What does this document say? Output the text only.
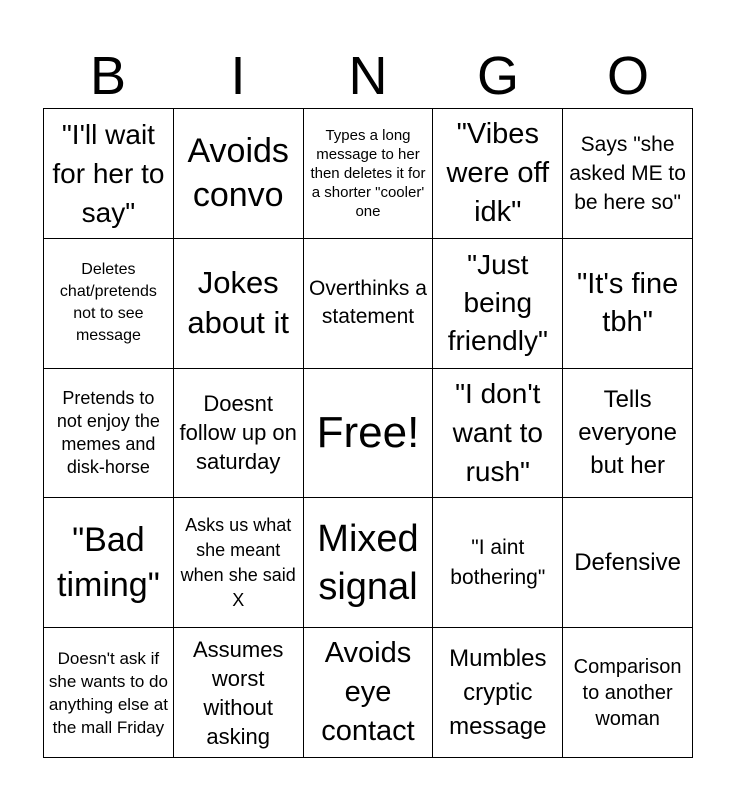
B	I	N	G	O
"I'll wait for her to say"
Avoids convo
Types a long message to her then deletes it for a shorter "cooler' one
"Vibes were off idk"
Says "she asked ME to be here so"
Deletes chat/pretends not to see message
Jokes about it
Overthinks a statement
"Just being friendly"
"It's fine tbh"
Pretends to not enjoy the memes and disk-horse
Doesnt follow up on saturday
Free!
"I don't want to rush"
Tells everyone but her
"Bad timing"
Asks us what she meant when she said X
Mixed signal
"I aint bothering"
Defensive
Doesn't ask if she wants to do anything else at the mall Friday
Assumes worst without asking
Avoids eye contact
Mumbles cryptic message
Comparison to another woman
